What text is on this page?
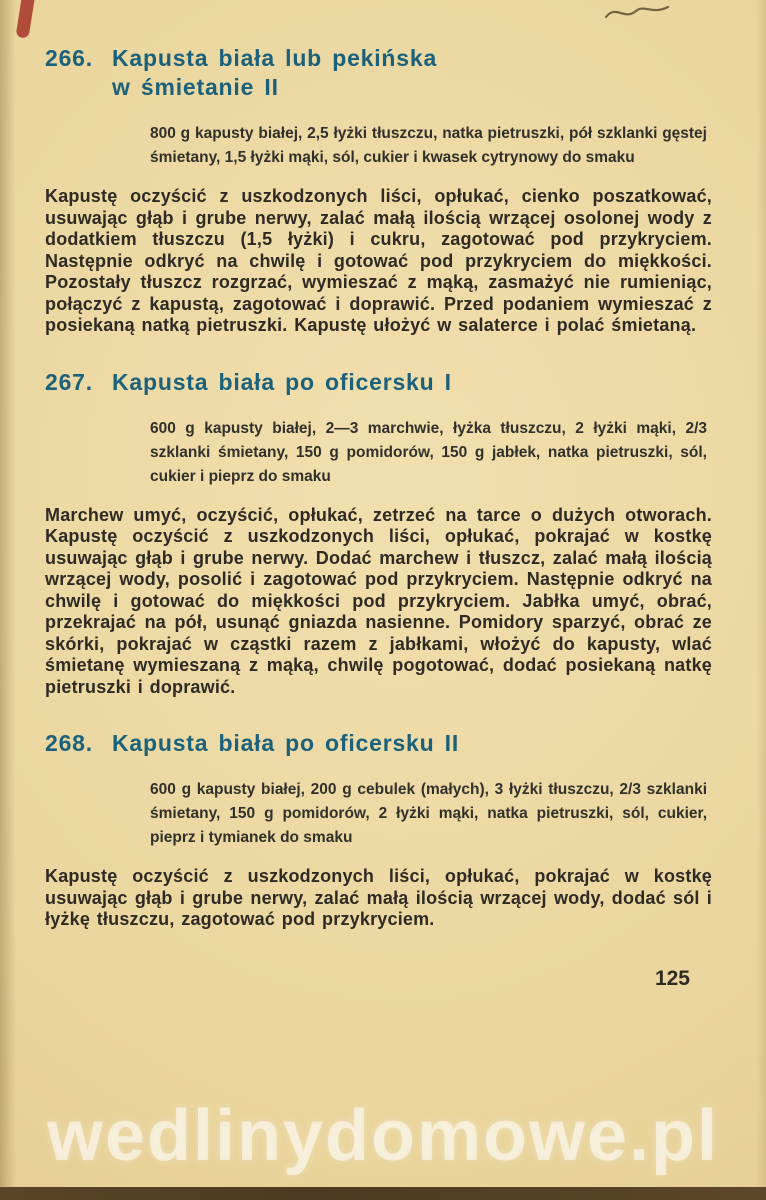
266. Kapusta biała lub pekińska
w śmietanie II

800 g kapusty białej, 2,5 łyżki tłuszczu, natka pietruszki, pół szklanki gęstej śmietany, 1,5 łyżki mąki, sól, cukier i kwasek cytrynowy do smaku

Kapustę oczyścić z uszkodzonych liści, opłukać, cienko poszatkować, usuwając głąb i grube nerwy, zalać małą ilością wrzącej osolonej wody z dodatkiem tłuszczu (1,5 łyżki) i cukru, zagotować pod przykryciem. Następnie odkryć na chwilę i gotować pod przykryciem do miękkości. Pozostały tłuszcz rozgrzać, wymieszać z mąką, zasmażyć nie rumieniąc, połączyć z kapustą, zagotować i doprawić. Przed podaniem wymieszać z posiekaną natką pietruszki. Kapustę ułożyć w salaterce i polać śmietaną.

267. Kapusta biała po oficersku I

600 g kapusty białej, 2—3 marchwie, łyżka tłuszczu, 2 łyżki mąki, 2/3 szklanki śmietany, 150 g pomidorów, 150 g jabłek, natka pietruszki, sól, cukier i pieprz do smaku

Marchew umyć, oczyścić, opłukać, zetrzeć na tarce o dużych otworach. Kapustę oczyścić z uszkodzonych liści, opłukać, pokrajać w kostkę usuwając głąb i grube nerwy. Dodać marchew i tłuszcz, zalać małą ilością wrzącej wody, posolić i zagotować pod przykryciem. Następnie odkryć na chwilę i gotować do miękkości pod przykryciem. Jabłka umyć, obrać, przekrajać na pół, usunąć gniazda nasienne. Pomidory sparzyć, obrać ze skórki, pokrajać w cząstki razem z jabłkami, włożyć do kapusty, wlać śmietanę wymieszaną z mąką, chwilę pogotować, dodać posiekaną natkę pietruszki i doprawić.

268. Kapusta biała po oficersku II

600 g kapusty białej, 200 g cebulek (małych), 3 łyżki tłuszczu, 2/3 szklanki śmietany, 150 g pomidorów, 2 łyżki mąki, natka pietruszki, sól, cukier, pieprz i tymianek do smaku

Kapustę oczyścić z uszkodzonych liści, opłukać, pokrajać w kostkę usuwając głąb i grube nerwy, zalać małą ilością wrzącej wody, dodać sól i łyżkę tłuszczu, zagotować pod przykryciem.

125
wedlinydomowe.pl
